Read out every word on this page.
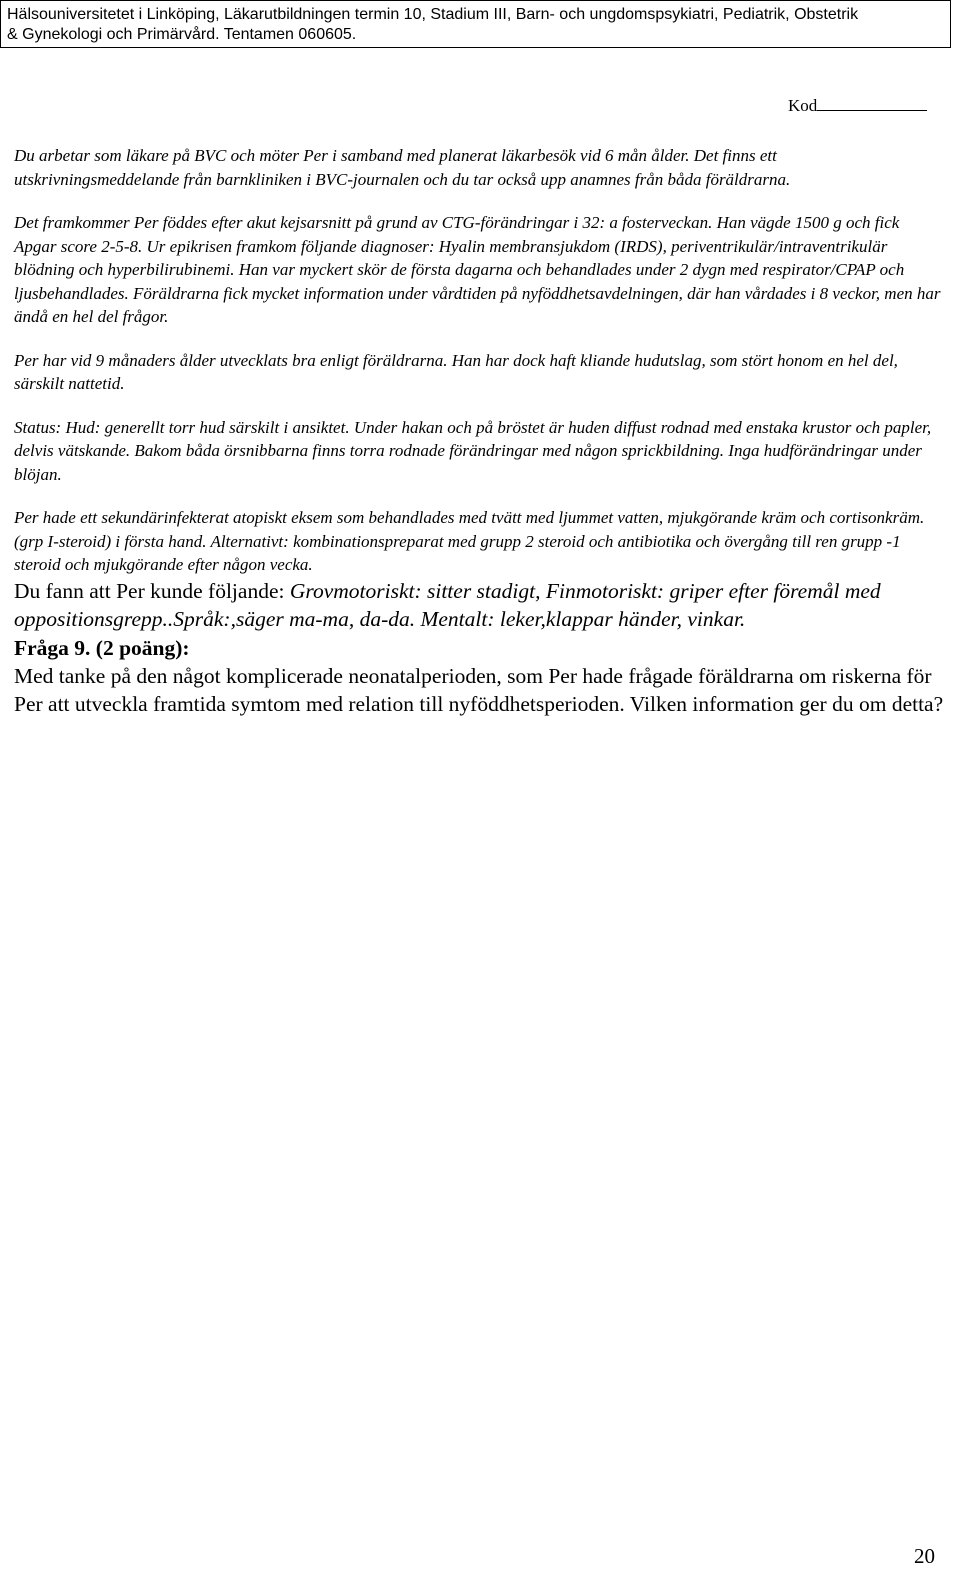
Hälsouniversitetet i Linköping, Läkarutbildningen termin 10, Stadium III, Barn- och ungdomspsykiatri, Pediatrik, Obstetrik
& Gynekologi och Primärvård. Tentamen 060605.
Kod

Du arbetar som läkare på BVC och möter Per i samband med planerat läkarbesök vid 6 mån ålder. Det finns ett utskrivningsmeddelande från barnkliniken i BVC-journalen och du tar också upp anamnes från båda föräldrarna.

Det framkommer Per föddes efter akut kejsarsnitt på grund av CTG-förändringar i 32: a fosterveckan. Han vägde 1500 g och fick Apgar score 2-5-8. Ur epikrisen framkom följande diagnoser: Hyalin membransjukdom (IRDS), periventrikulär/intraventrikulär blödning och hyperbilirubinemi. Han var myckert skör de första dagarna och behandlades under 2 dygn med respirator/CPAP och ljusbehandlades. Föräldrarna fick mycket information under vårdtiden på nyföddhetsavdelningen, där han vårdades i 8 veckor, men har ändå en hel del frågor.

Per har vid 9 månaders ålder utvecklats bra enligt föräldrarna. Han har dock haft kliande hudutslag, som stört honom en hel del, särskilt nattetid.

Status: Hud: generellt torr hud särskilt i ansiktet. Under hakan och på bröstet är huden diffust rodnad med enstaka krustor och papler, delvis vätskande. Bakom båda örsnibbarna finns torra rodnade förändringar med någon sprickbildning. Inga hudförändringar under blöjan.

Per hade ett sekundärinfekterat atopiskt eksem som behandlades med tvätt med ljummet vatten, mjukgörande kräm och cortisonkräm. (grp I-steroid) i första hand. Alternativt: kombinationspreparat med grupp 2 steroid och antibiotika och övergång till ren grupp -1 steroid och mjukgörande efter någon vecka.

Du fann att Per kunde följande: Grovmotoriskt: sitter stadigt, Finmotoriskt: griper efter föremål med oppositionsgrepp..Språk:,säger ma-ma, da-da. Mentalt: leker,klappar händer, vinkar.

Fråga 9. (2 poäng):

Med tanke på den något komplicerade neonatalperioden, som Per hade frågade föräldrarna om riskerna för Per att utveckla framtida symtom med relation till nyföddhetsperioden. Vilken information ger du om detta?

20
